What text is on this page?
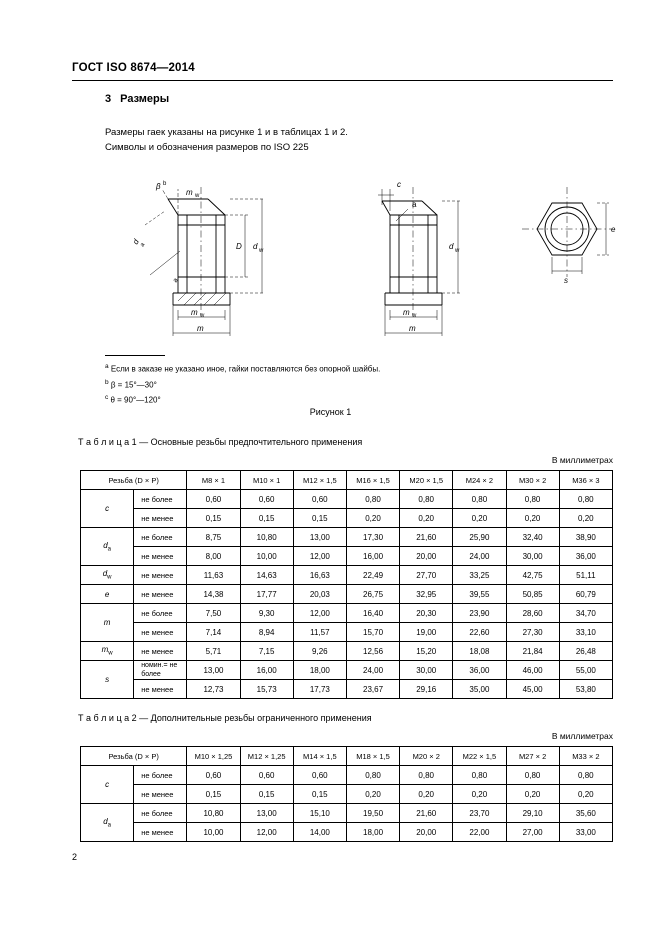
ГОСТ ISO 8674—2014
3 Размеры
Размеры гаек указаны на рисунке 1 и в таблицах 1 и 2.
Символы и обозначения размеров по ISO 225
β b
m w
d
a
a
D d w
m w
m
c
a
d w
m w
m
e
s
$^a$ Если в заказе не указано иное, гайки поставляются без опорной шайбы.
$^b$ β = 15°—30°
$^c$ θ = 90°—120°
Рисунок 1
Т а б л и ц а 1 — Основные резьбы предпочтительного применения
В миллиметрах
Резьба (D × P)		M8 × 1	M10 × 1	M12 × 1,5	M16 × 1,5	M20 × 1,5	M24 × 2	M30 × 2	M36 × 3
c	не более	0,60	0,60	0,60	0,80	0,80	0,80	0,80	0,80
	не менее	0,15	0,15	0,15	0,20	0,20	0,20	0,20	0,20
$d_a$	не более	8,75	10,80	13,00	17,30	21,60	25,90	32,40	38,90
	не менее	8,00	10,00	12,00	16,00	20,00	24,00	30,00	36,00
$d_w$	не менее	11,63	14,63	16,63	22,49	27,70	33,25	42,75	51,11
e	не менее	14,38	17,77	20,03	26,75	32,95	39,55	50,85	60,79
m	не более	7,50	9,30	12,00	16,40	20,30	23,90	28,60	34,70
	не менее	7,14	8,94	11,57	15,70	19,00	22,60	27,30	33,10
$m_w$	не менее	5,71	7,15	9,26	12,56	15,20	18,08	21,84	26,48
s	номин.= не более	13,00	16,00	18,00	24,00	30,00	36,00	46,00	55,00
	не менее	12,73	15,73	17,73	23,67	29,16	35,00	45,00	53,80
Т а б л и ц а 2 — Дополнительные резьбы ограниченного применения
В миллиметрах
Резьба (D × P)		M10 × 1,25	M12 × 1,25	M14 × 1,5	M18 × 1,5	M20 × 2	M22 × 1,5	M27 × 2	M33 × 2
c	не более	0,60	0,60	0,60	0,80	0,80	0,80	0,80	0,80
	не менее	0,15	0,15	0,15	0,20	0,20	0,20	0,20	0,20
$d_a$	не более	10,80	13,00	15,10	19,50	21,60	23,70	29,10	35,60
	не менее	10,00	12,00	14,00	18,00	20,00	22,00	27,00	33,00
2
